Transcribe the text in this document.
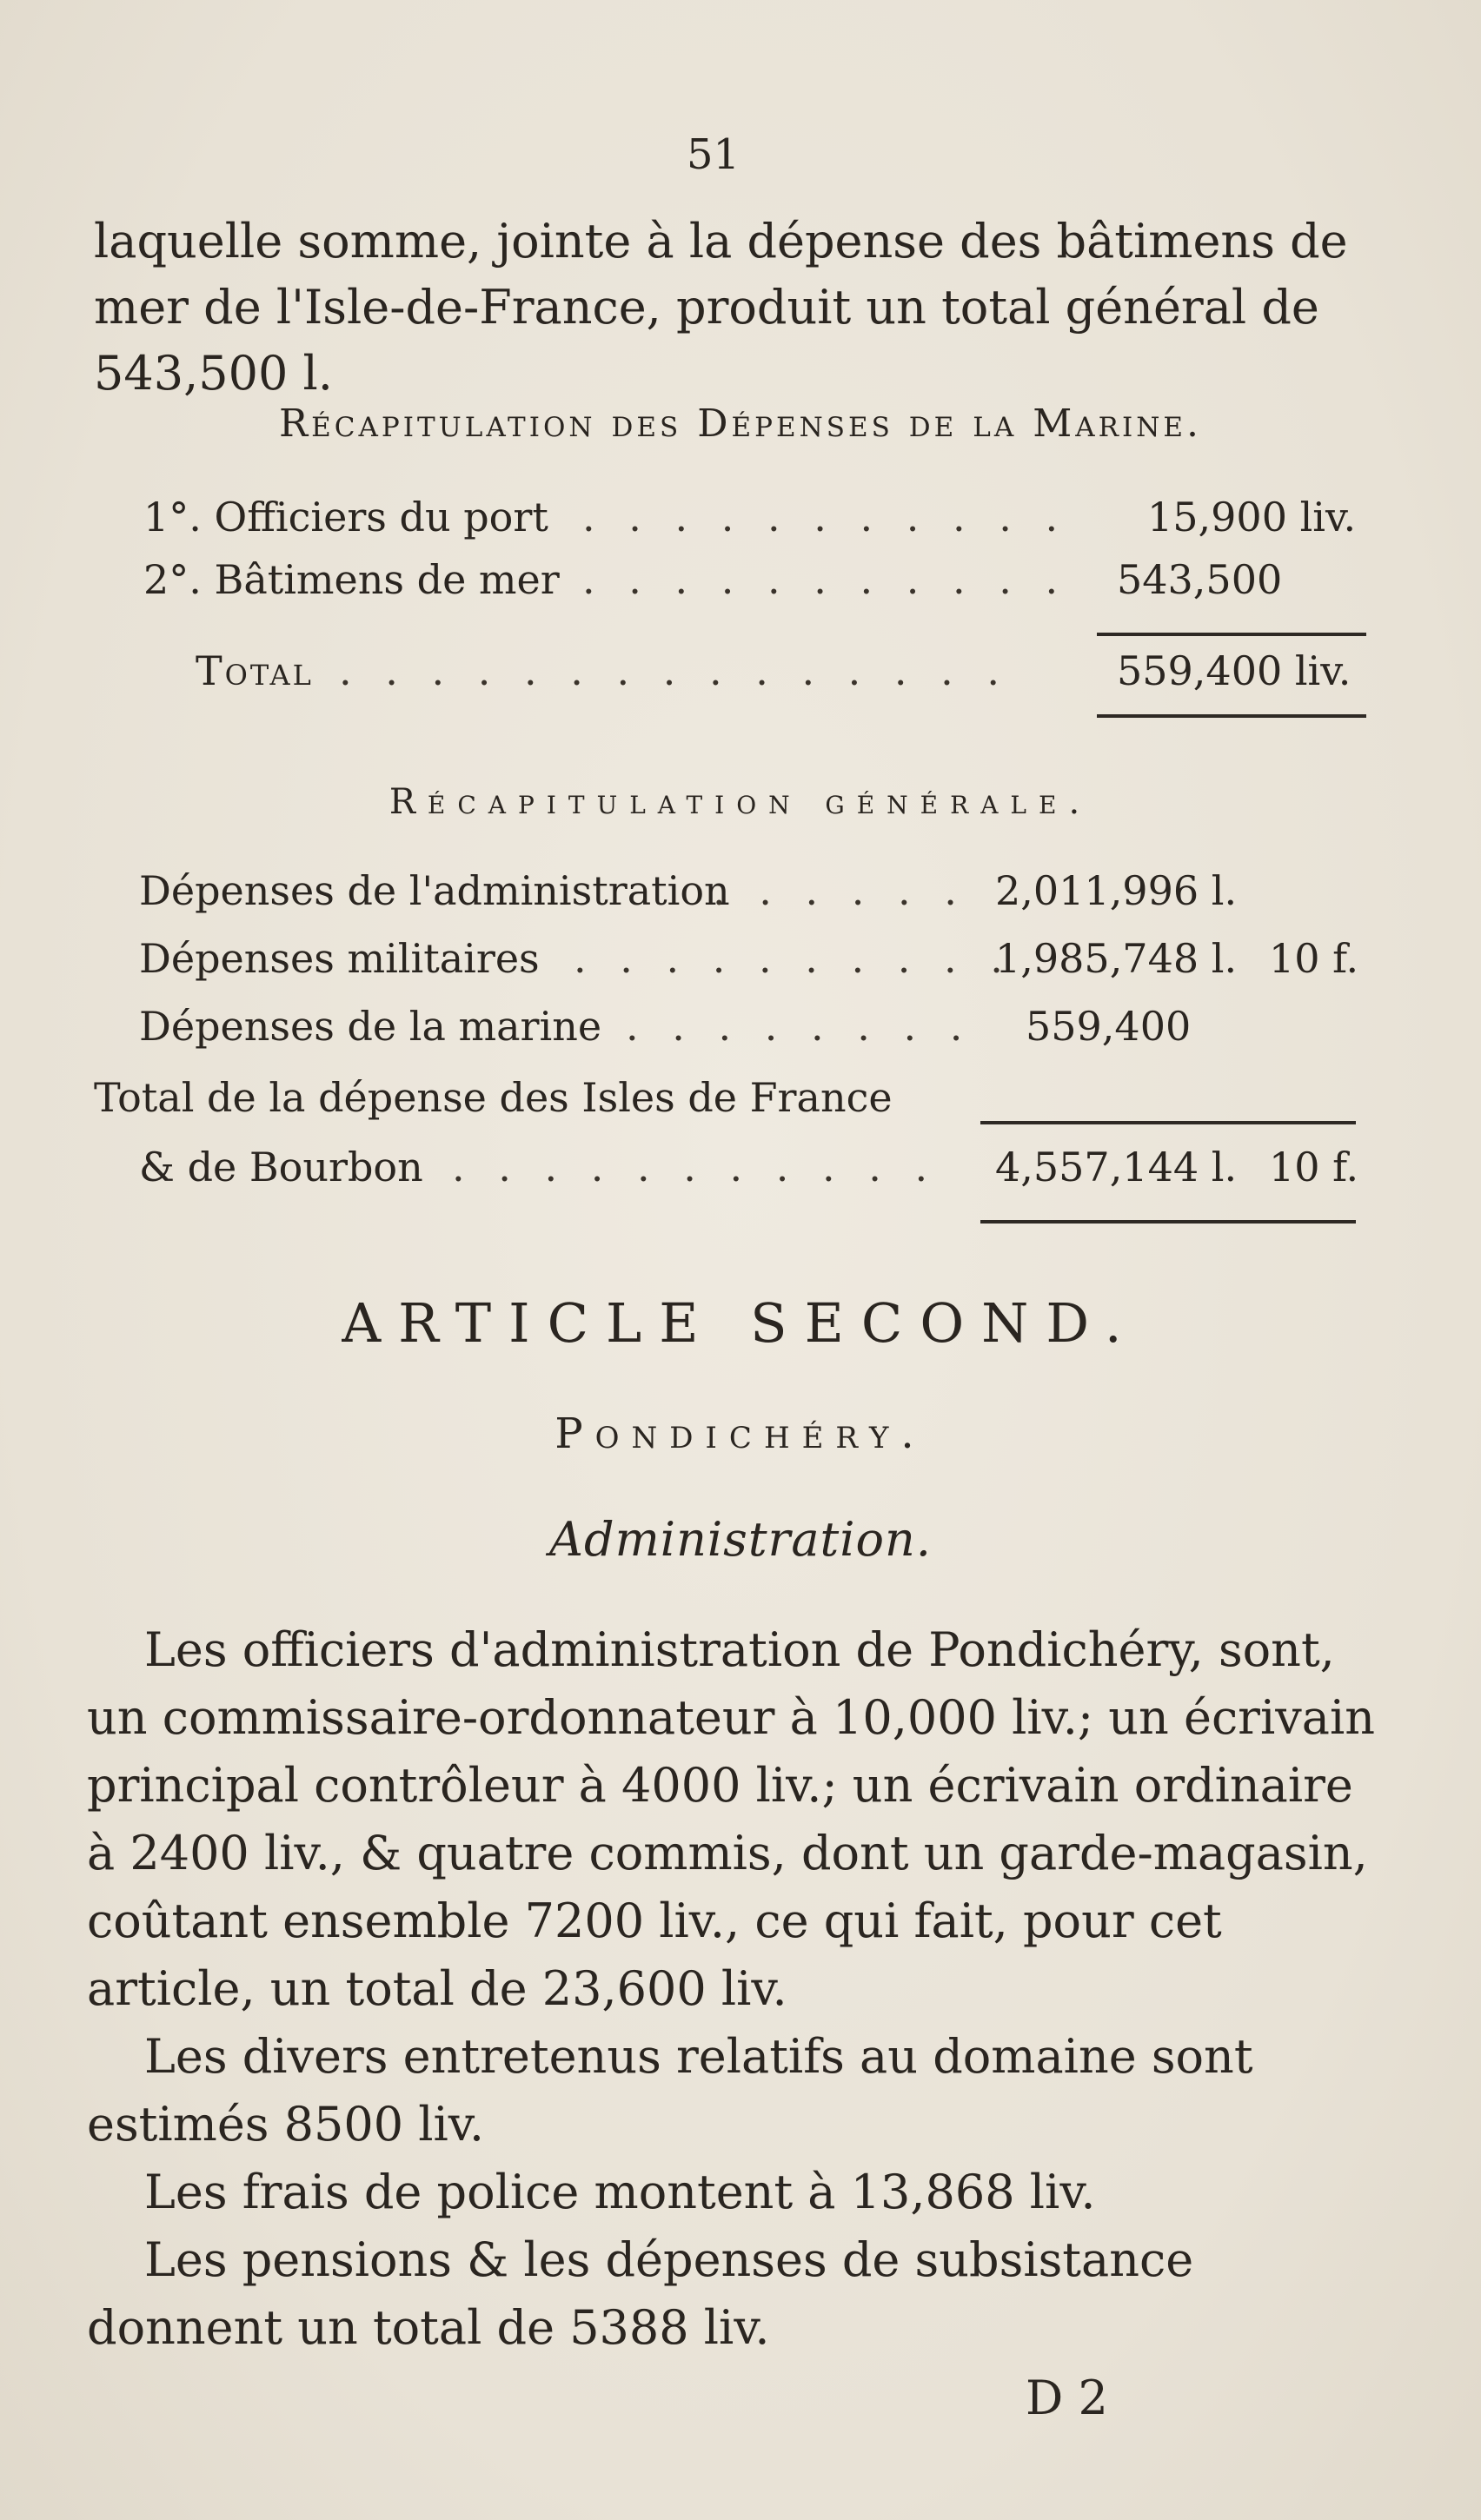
51
laquelle somme, jointe à la dépense des bâtimens de mer de l'Isle-de-France, produit un total général de 543,500 l.
Récapitulation des Dépenses de la Marine.
1°. Officiers du port . . . . . . . . . . . 15,900 liv.
2°. Bâtimens de mer . . . . . . . . . . . 543,500
Total . . . . . . . . . . . . . . .	559,400 liv.
Récapitulation générale.
Dépenses de l'administration
. . . . . . 2,011,996 l.
Dépenses militaires . . . . . . . . . .
1,985,748 l. 10 f.
Dépenses de la marine . . . . . . . . 559,400
Total de la dépense des Isles de France
& de Bourbon . . . . . . . . . . . 4,557,144 l. 10 f.
ARTICLE SECOND.
Pondichéry.
Administration.

Les officiers d'administration de Pondichéry, sont, un commissaire-ordonnateur à 10,000 liv.; un écrivain principal contrôleur à 4000 liv.; un écrivain ordinaire à 2400 liv., & quatre commis, dont un garde-magasin, coûtant ensemble 7200 liv., ce qui fait, pour cet article, un total de 23,600 liv.

Les divers entretenus relatifs au domaine sont estimés 8500 liv.

Les frais de police montent à 13,868 liv.

Les pensions & les dépenses de subsistance donnent un total de 5388 liv.

D 2
